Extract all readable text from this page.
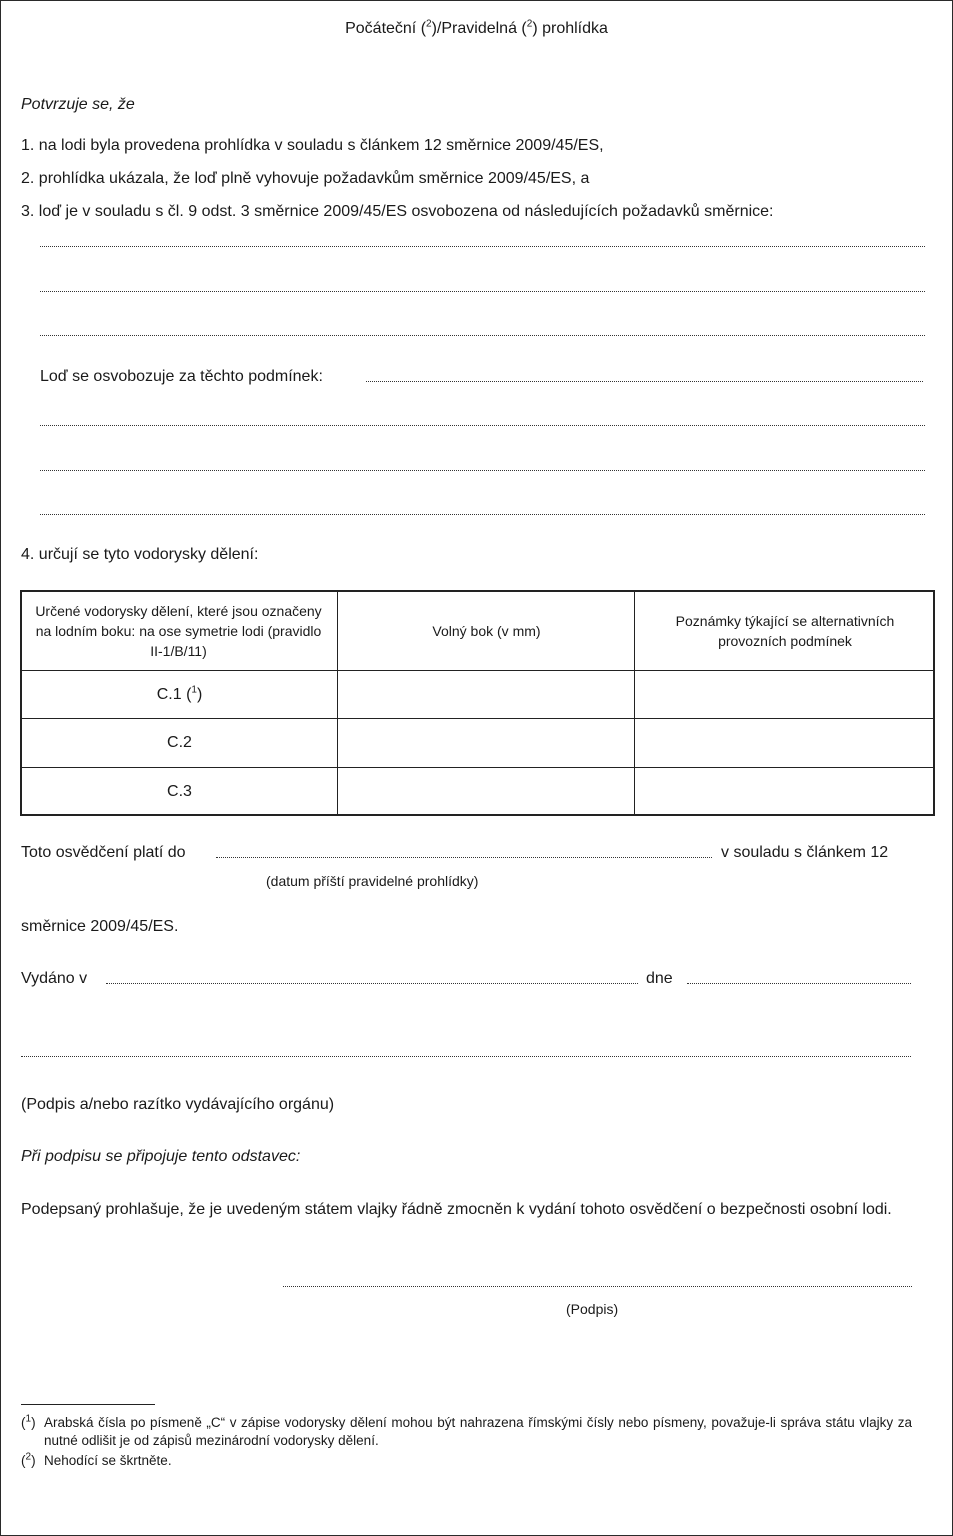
Počáteční ($^2$)/Pravidelná ($^2$) prohlídka
Potvrzuje se, že
1. na lodi byla provedena prohlídka v souladu s článkem 12 směrnice 2009/45/ES,
2. prohlídka ukázala, že loď plně vyhovuje požadavkům směrnice 2009/45/ES, a
3. loď je v souladu s čl. 9 odst. 3 směrnice 2009/45/ES osvobozena od následujících požadavků směrnice:
Loď se osvobozuje za těchto podmínek:
4. určují se tyto vodorysky dělení:
Určené vodorysky dělení, které jsou označeny na lodním boku: na ose symetrie lodi (pravidlo II-1/B/11)
Volný bok (v mm)
Poznámky týkající se alternativních provozních podmínek
C.1 ($^1$)
C.2
C.3
Toto osvědčení platí do	v souladu s článkem 12
(datum příští pravidelné prohlídky)
směrnice 2009/45/ES.
Vydáno v	dne
(Podpis a/nebo razítko vydávajícího orgánu)
Při podpisu se připojuje tento odstavec:
Podepsaný prohlašuje, že je uvedeným státem vlajky řádně zmocněn k vydání tohoto osvědčení o bezpečnosti osobní lodi.
(Podpis)
($^1$) Arabská čísla po písmeně „C“ v zápise vodorysky dělení mohou být nahrazena římskými čísly nebo písmeny, považuje-li správa státu vlajky za nutné odlišit je od zápisů mezinárodní vodorysky dělení.
($^2$) Nehodící se škrtněte.
